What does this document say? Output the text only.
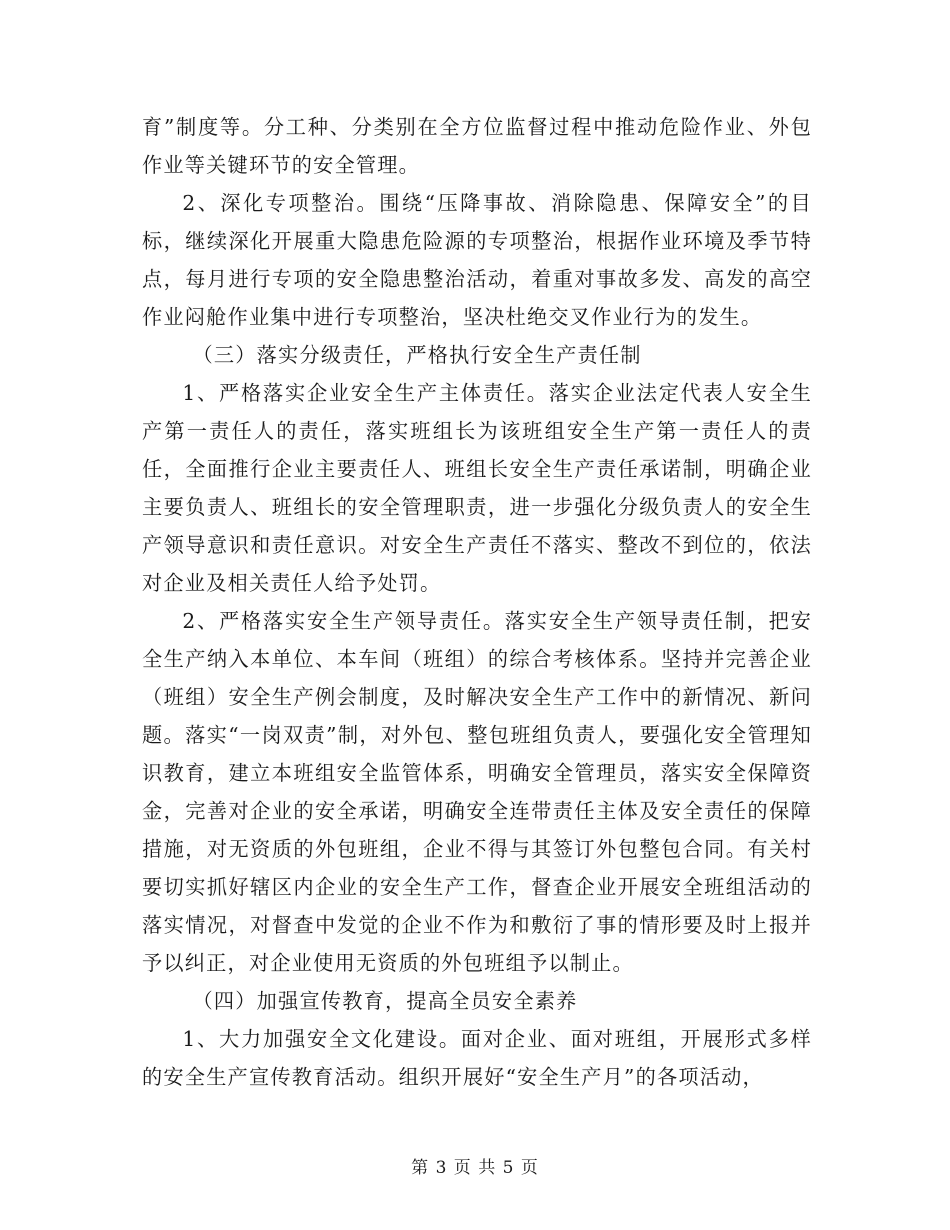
育”制度等。分工种、分类别在全方位监督过程中推动危险作业、外包作业等关键环节的安全管理。

2、深化专项整治。围绕“压降事故、消除隐患、保障安全”的目标，继续深化开展重大隐患危险源的专项整治，根据作业环境及季节特点，每月进行专项的安全隐患整治活动，着重对事故多发、高发的高空作业闷舱作业集中进行专项整治，坚决杜绝交叉作业行为的发生。

（三）落实分级责任，严格执行安全生产责任制

1、严格落实企业安全生产主体责任。落实企业法定代表人安全生产第一责任人的责任，落实班组长为该班组安全生产第一责任人的责任，全面推行企业主要责任人、班组长安全生产责任承诺制，明确企业主要负责人、班组长的安全管理职责，进一步强化分级负责人的安全生产领导意识和责任意识。对安全生产责任不落实、整改不到位的，依法对企业及相关责任人给予处罚。

2、严格落实安全生产领导责任。落实安全生产领导责任制，把安全生产纳入本单位、本车间（班组）的综合考核体系。坚持并完善企业（班组）安全生产例会制度，及时解决安全生产工作中的新情况、新问题。落实“一岗双责”制，对外包、整包班组负责人，要强化安全管理知识教育，建立本班组安全监管体系，明确安全管理员，落实安全保障资金，完善对企业的安全承诺，明确安全连带责任主体及安全责任的保障措施，对无资质的外包班组，企业不得与其签订外包整包合同。有关村要切实抓好辖区内企业的安全生产工作，督查企业开展安全班组活动的落实情况，对督查中发觉的企业不作为和敷衍了事的情形要及时上报并予以纠正，对企业使用无资质的外包班组予以制止。

（四）加强宣传教育，提高全员安全素养

1、大力加强安全文化建设。面对企业、面对班组，开展形式多样的安全生产宣传教育活动。组织开展好“安全生产月”的各项活动，

第 3 页 共 5 页
